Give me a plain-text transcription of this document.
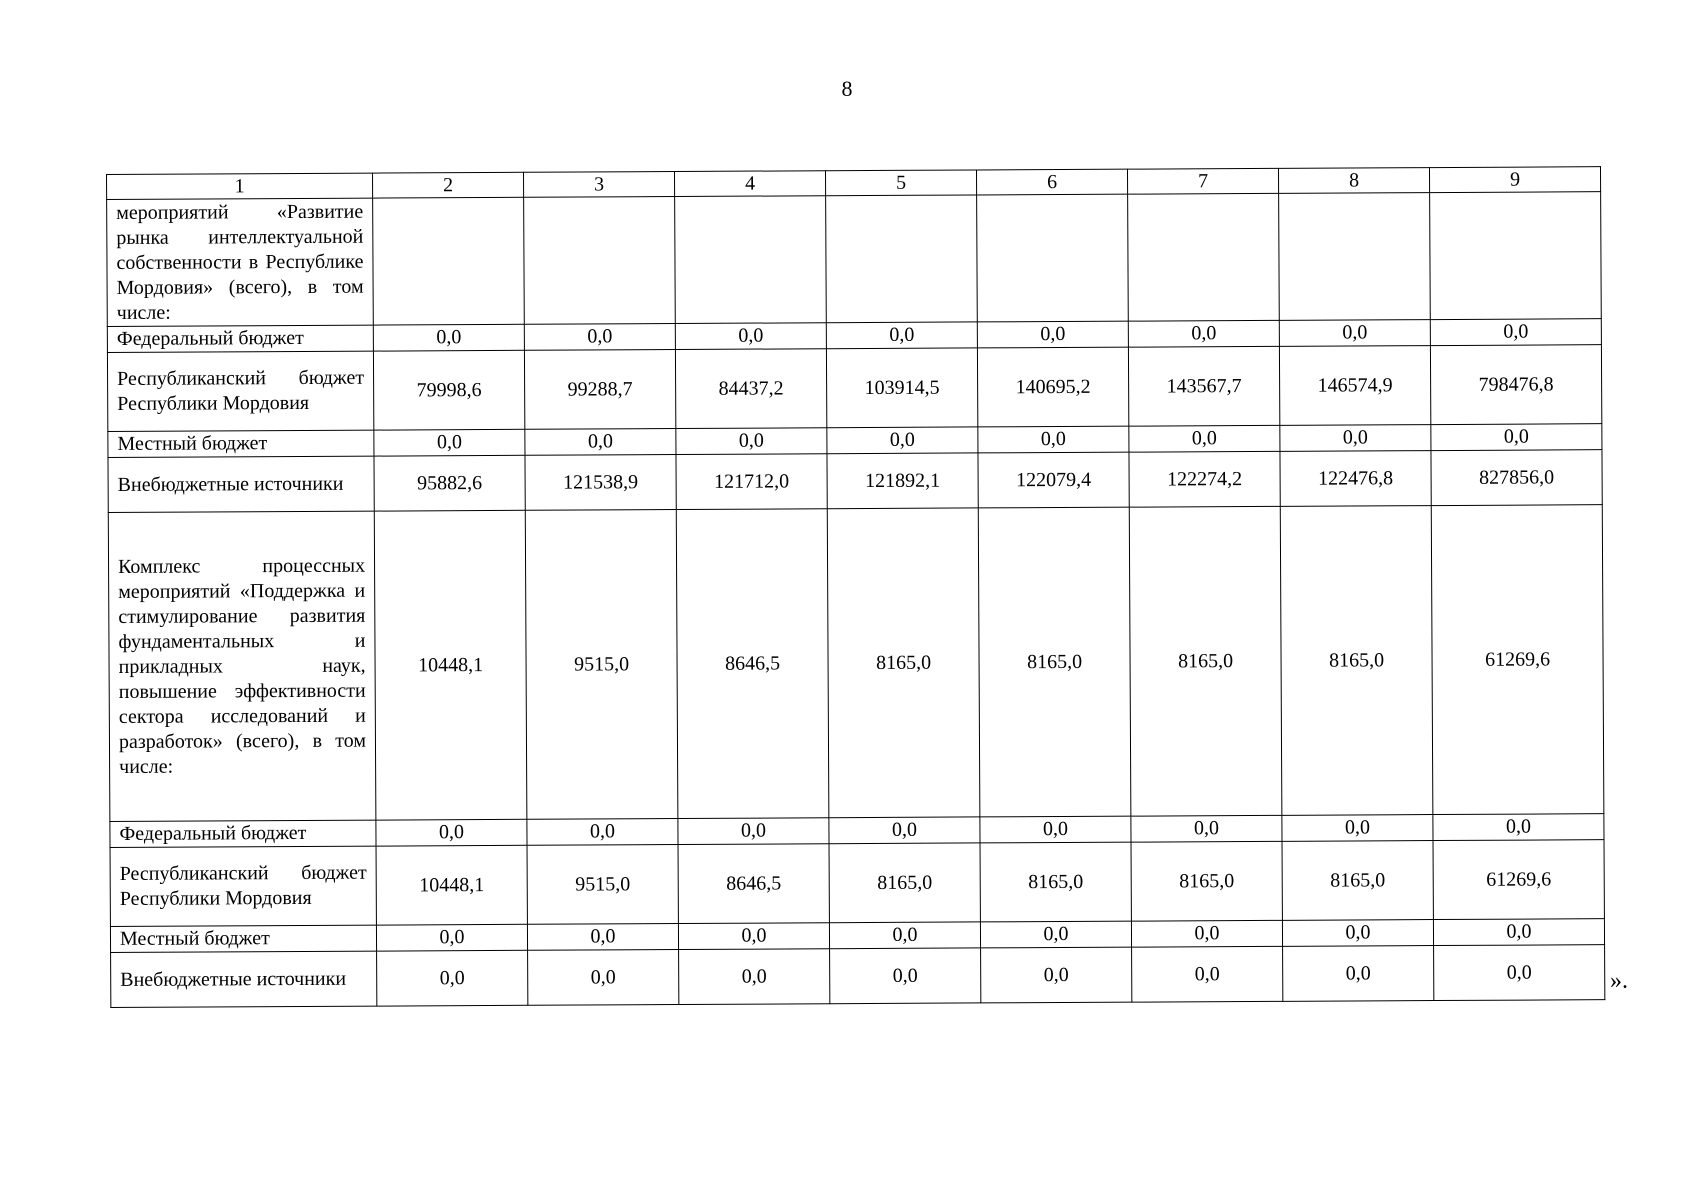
8
1	2	3	4	5	6	7	8	9
мероприятий «Развитие рынка интеллектуальной собственности в Республике Мордовия» (всего), в том числе:								
Федеральный бюджет	0,0	0,0	0,0	0,0	0,0	0,0	0,0	0,0
Республиканский бюджет Республики Мордовия	79998,6	99288,7	84437,2	103914,5	140695,2	143567,7	146574,9	798476,8
Местный бюджет	0,0	0,0	0,0	0,0	0,0	0,0	0,0	0,0
Внебюджетные источники	95882,6	121538,9	121712,0	121892,1	122079,4	122274,2	122476,8	827856,0
Комплекс процессных мероприятий «Поддержка и стимулирование развития фундаментальных и прикладных наук, повышение эффективности сектора исследований и разработок» (всего), в том числе:	10448,1	9515,0	8646,5	8165,0	8165,0	8165,0	8165,0	61269,6
Федеральный бюджет	0,0	0,0	0,0	0,0	0,0	0,0	0,0	0,0
Республиканский бюджет Республики Мордовия	10448,1	9515,0	8646,5	8165,0	8165,0	8165,0	8165,0	61269,6
Местный бюджет	0,0	0,0	0,0	0,0	0,0	0,0	0,0	0,0
Внебюджетные источники	0,0	0,0	0,0	0,0	0,0	0,0	0,0	0,0	».
